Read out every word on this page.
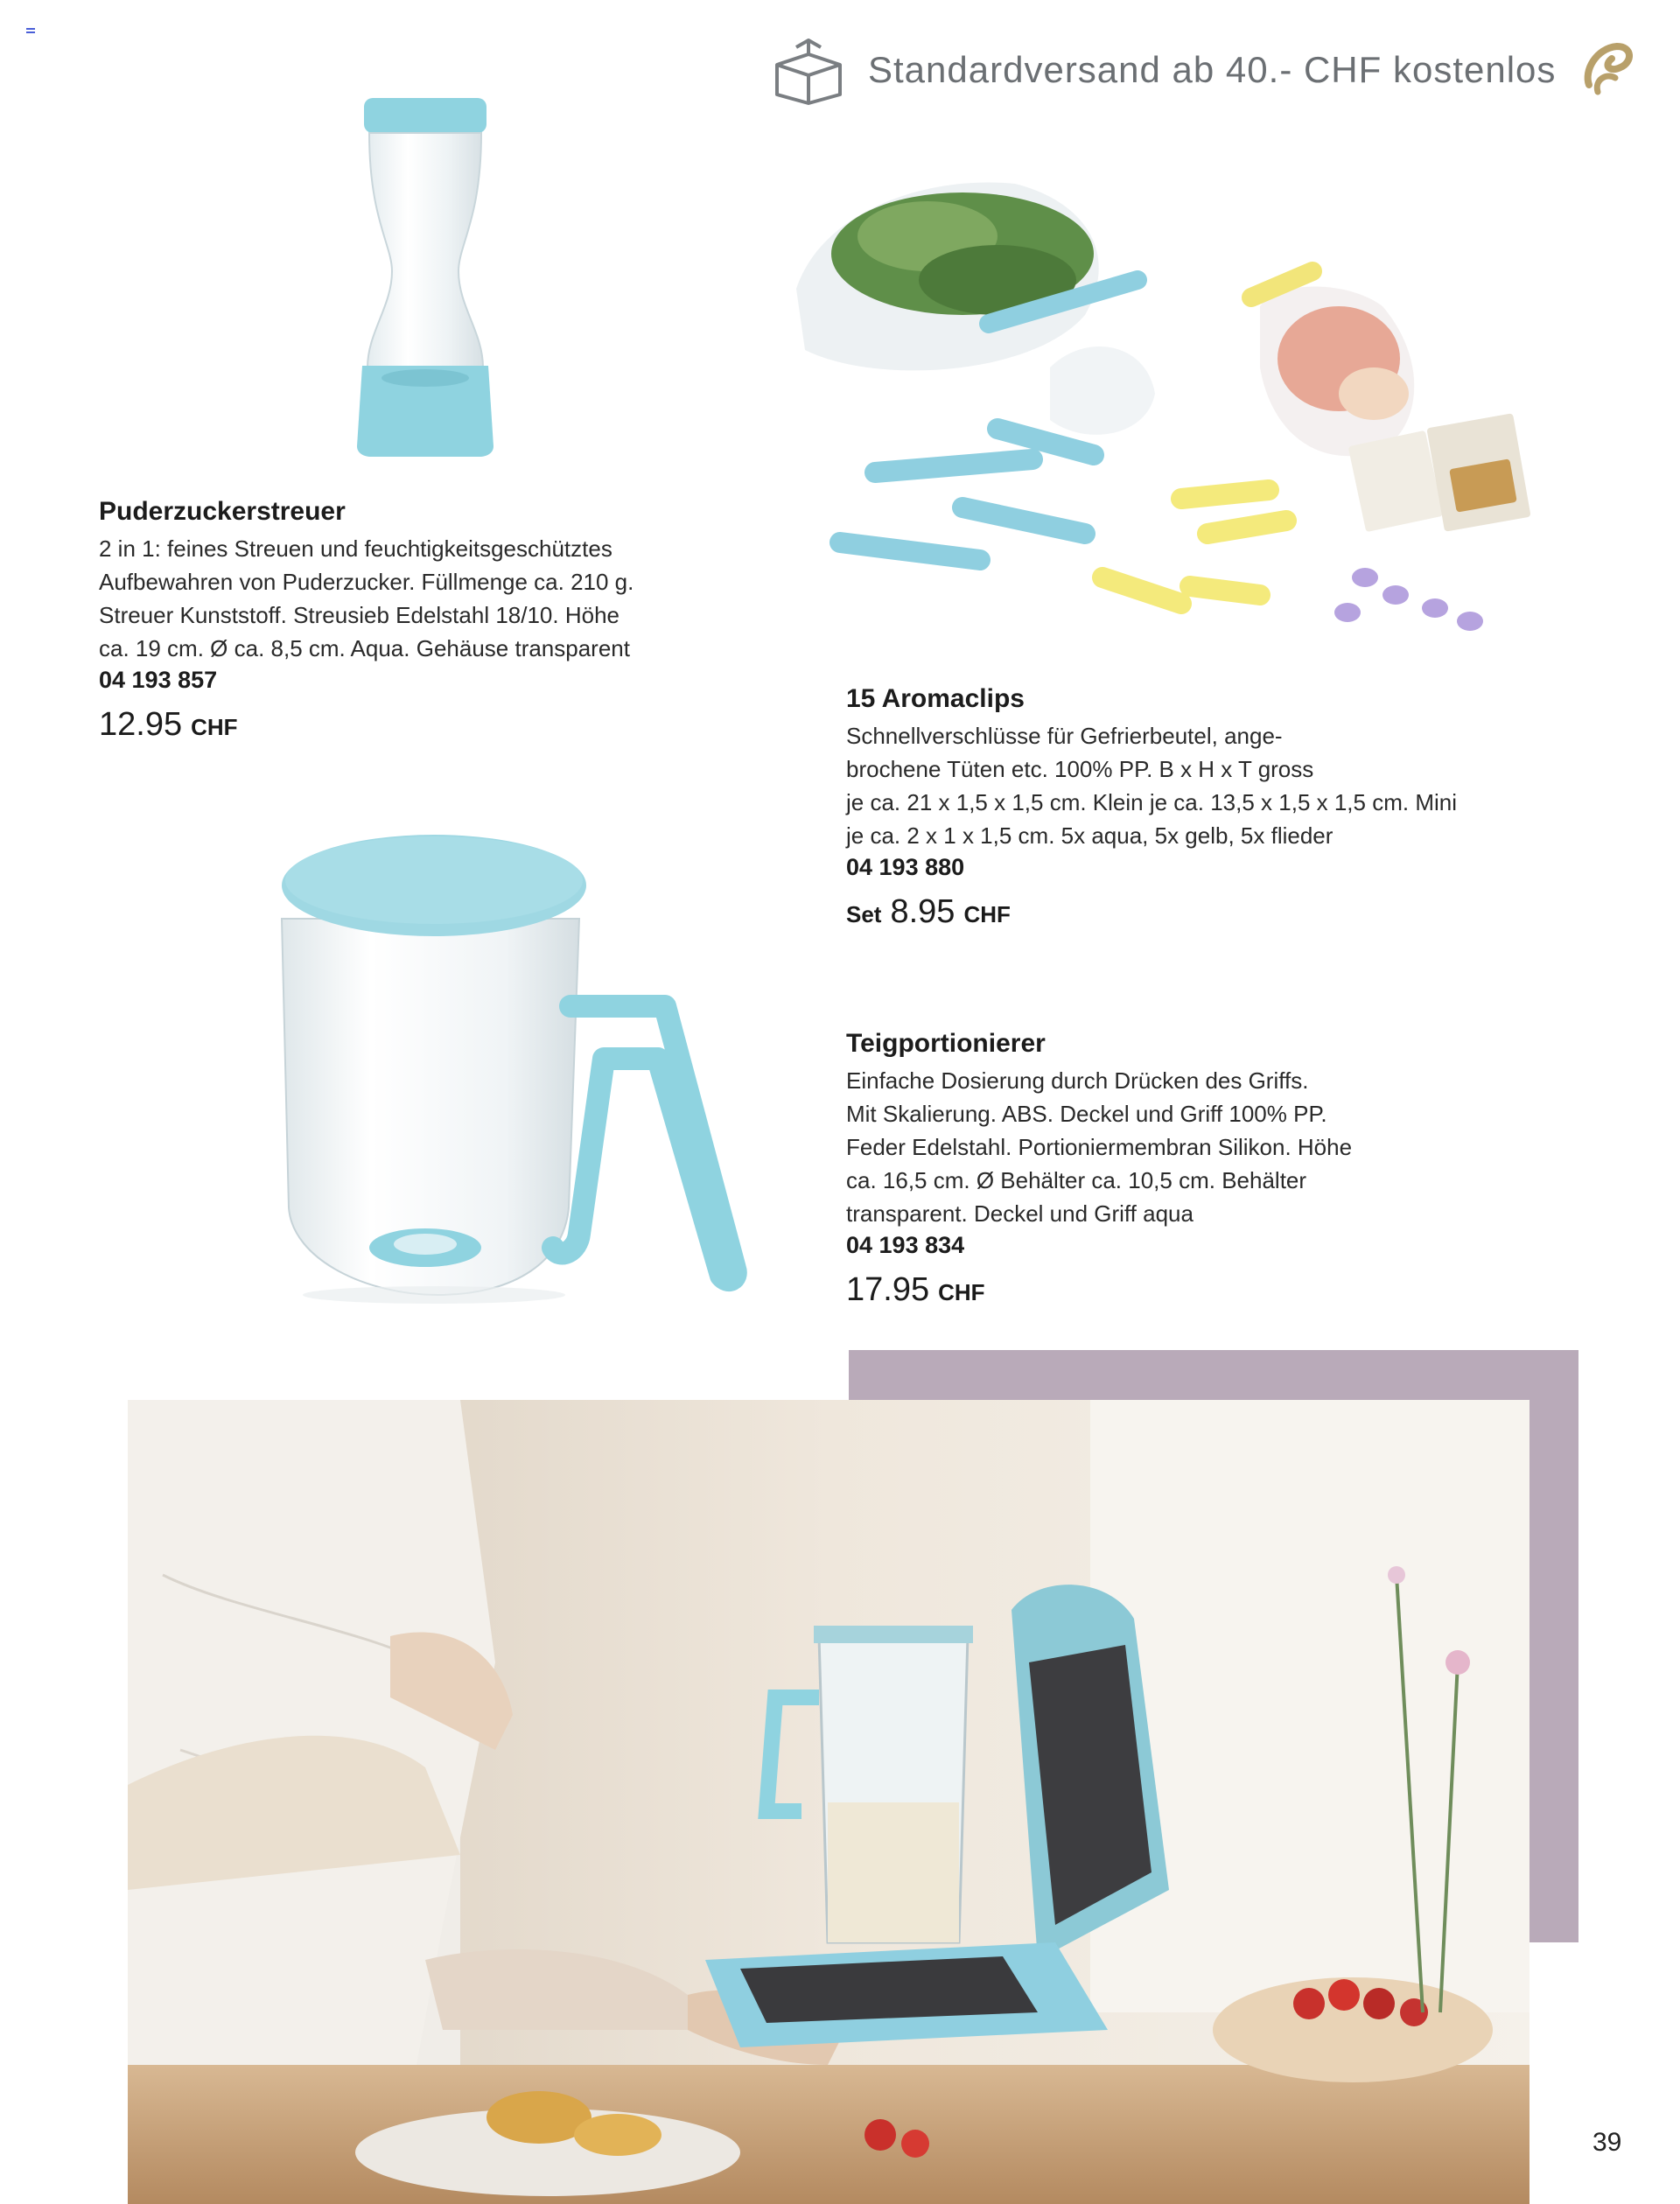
Standardversand ab 40.- CHF kostenlos
Puderzuckerstreuer
2 in 1: feines Streuen und feuchtigkeitsgeschütztes
Aufbewahren von Puderzucker. Füllmenge ca. 210 g.
Streuer Kunststoff. Streusieb Edelstahl 18/10. Höhe
ca. 19 cm. Ø ca. 8,5 cm. Aqua. Gehäuse transparent
04 193 857
12.95 CHF
15 Aromaclips
Schnellverschlüsse für Gefrierbeutel, ange-
brochene Tüten etc. 100% PP. B x H x T gross
je ca. 21 x 1,5 x 1,5 cm. Klein je ca. 13,5 x 1,5 x 1,5 cm. Mini
je ca. 2 x 1 x 1,5 cm. 5x aqua, 5x gelb, 5x flieder
04 193 880
Set 8.95 CHF
Teigportionierer
Einfache Dosierung durch Drücken des Griffs.
Mit Skalierung. ABS. Deckel und Griff 100% PP.
Feder Edelstahl. Portioniermembran Silikon. Höhe
ca. 16,5 cm. Ø Behälter ca. 10,5 cm. Behälter
transparent. Deckel und Griff aqua
04 193 834
17.95 CHF
39
